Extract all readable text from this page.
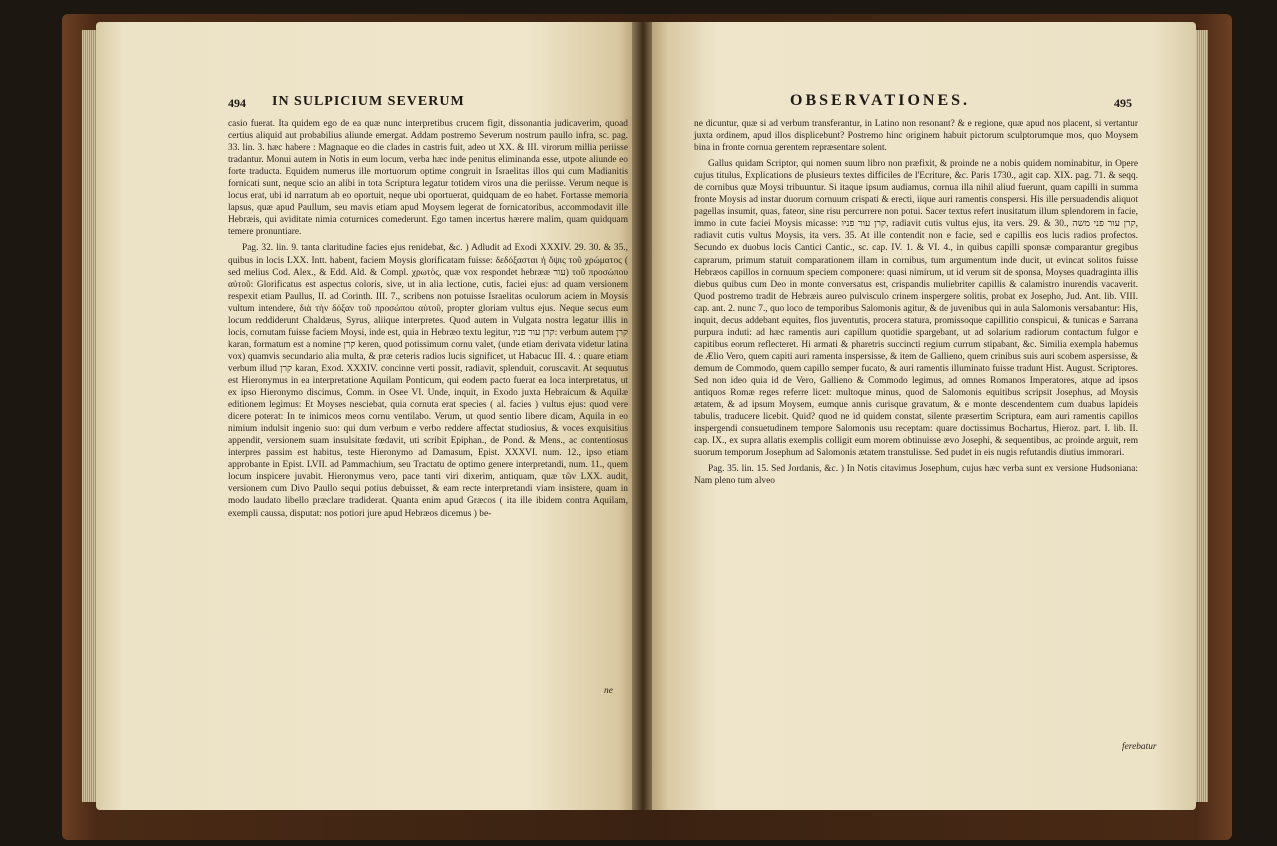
494 IN SULPICIUM SEVERUM

casio fuerat. Ita quidem ego de ea quæ nunc interpretibus crucem figit, dissonantia judicaverim, quoad certius aliquid aut probabilius aliunde emergat. Addam postremo Severum nostrum paullo infra, sc. pag. 33. lin. 3. hæc habere : Magnaque eo die clades in castris fuit, adeo ut XX. & III. virorum millia periisse tradantur. Monui autem in Notis in eum locum, verba hæc inde penitus eliminanda esse, utpote aliunde eo forte traducta. Equidem numerus ille mortuorum optime congruit in Israelitas illos qui cum Madianitis fornicati sunt, neque scio an alibi in tota Scriptura legatur totidem viros una die periisse. Verum neque is locus erat, ubi id narratum ab eo oportuit, neque ubi oportuerat, quidquam de eo habet. Fortasse memoria lapsus, quæ apud Paullum, seu mavis etiam apud Moysem legerat de fornicatoribus, accommodavit ille Hebræis, qui aviditate nimia coturnices comederunt. Ego tamen incertus hærere malim, quam quidquam temere pronuntiare.

Pag. 32. lin. 9. tanta claritudine facies ejus renidebat, &c. ) Adludit ad Exodi XXXIV. 29. 30. & 35., quibus in locis LXX. Intt. habent, faciem Moysis glorificatam fuisse: δεδόξασται ἡ ὄψις τοῦ χρώματος ( sed melius Cod. Alex., & Edd. Ald. & Compl. χρωτὸς, quæ vox respondet hebrææ עור) τοῦ προσώπου αὐτοῦ: Glorificatus est aspectus coloris, sive, ut in alia lectione, cutis, faciei ejus: ad quam versionem respexit etiam Paullus, II. ad Corinth. III. 7., scribens non potuisse Israelitas oculorum aciem in Moysis vultum intendere, διὰ τὴν δόξαν τοῦ προσώπου αὐτοῦ, propter gloriam vultus ejus. Neque secus eum locum reddiderunt Chaldæus, Syrus, aliique interpretes. Quod autem in Vulgata nostra legatur illis in locis, cornutam fuisse faciem Moysi, inde est, quia in Hebræo textu legitur, קרן עור פניו: verbum autem קרן karan, formatum est a nomine קרן keren, quod potissimum cornu valet, (unde etiam derivata videtur latina vox) quamvis secundario alia multa, & præ ceteris radios lucis significet, ut Habacuc III. 4. : quare etiam verbum illud קרן karan, Exod. XXXIV. concinne verti possit, radiavit, splenduit, coruscavit. At sequutus est Hieronymus in ea interpretatione Aquilam Ponticum, qui eodem pacto fuerat ea loca interpretatus, ut ex ipso Hieronymo discimus, Comm. in Osee VI. Unde, inquit, in Exodo juxta Hebraicum & Aquilæ editionem legimus: Et Moyses nesciebat, quia cornuta erat species ( al. facies ) vultus ejus: quod vere dicere poterat: In te inimicos meos cornu ventilabo. Verum, ut quod sentio libere dicam, Aquila in eo nimium indulsit ingenio suo: qui dum verbum e verbo reddere affectat studiosius, & voces exquisitius appendit, versionem suam insulsitate fœdavit, uti scribit Epiphan., de Pond. & Mens., ac contentiosus interpres passim est habitus, teste Hieronymo ad Damasum, Epist. XXXVI. num. 12., ipso etiam approbante in Epist. LVII. ad Pammachium, seu Tractatu de optimo genere interpretandi, num. 11., quem locum inspicere juvabit. Hieronymus vero, pace tanti viri dixerim, antiquam, quæ τῶν LXX. audit, versionem cum Divo Paullo sequi potius debuisset, & eam recte interpretandi viam insistere, quam in modo laudato libello præclare tradiderat. Quanta enim apud Græcos ( ita ille ibidem contra Aquilam, exempli caussa, disputat: nos potiori jure apud Hebræos dicemus ) be-

ne
OBSERVATIONES.	495

ne dicuntur, quæ si ad verbum transferantur, in Latino non resonant? & e regione, quæ apud nos placent, si vertantur juxta ordinem, apud illos displicebunt? Postremo hinc originem habuit pictorum sculptorumque mos, quo Moysem bina in fronte cornua gerentem repræsentare solent.

Gallus quidam Scriptor, qui nomen suum libro non præfixit, & proinde ne a nobis quidem nominabitur, in Opere cujus titulus, Explications de plusieurs textes difficiles de l'Ecriture, &c. Paris 1730., agit cap. XIX. pag. 71. & seqq. de cornibus quæ Moysi tribuuntur. Si itaque ipsum audiamus, cornua illa nihil aliud fuerunt, quam capilli in summa fronte Moysis ad instar duorum cornuum crispati & erecti, iique auri ramentis conspersi. His ille persuadendis aliquot pagellas insumit, quas, fateor, sine risu percurrere non potui. Sacer textus refert inusitatum illum splendorem in facie, immo in cute faciei Moysis micasse: קרן עור פניו, radiavit cutis vultus ejus, ita vers. 29. & 30., קרן עור פני משה, radiavit cutis vultus Moysis, ita vers. 35. At ille contendit non e facie, sed e capillis eos lucis radios profectos. Secundo ex duobus locis Cantici Cantic., sc. cap. IV. 1. & VI. 4., in quibus capilli sponsæ comparantur gregibus caprarum, primum statuit comparationem illam in cornibus, tum argumentum inde ducit, ut evincat solitos fuisse Hebræos capillos in cornuum speciem componere: quasi nimirum, ut id verum sit de sponsa, Moyses quadraginta illis diebus quibus cum Deo in monte conversatus est, crispandis muliebriter capillis & calamistro inurendis vacaverit. Quod postremo tradit de Hebræis aureo pulvisculo crinem inspergere solitis, probat ex Josepho, Jud. Ant. lib. VIII. cap. ant. 2. nunc 7., quo loco de temporibus Salomonis agitur, & de juvenibus qui in aula Salomonis versabantur: His, inquit, decus addebant equites, flos juventutis, procera statura, promissoque capillitio conspicui, & tunicas e Sarrana purpura induti: ad hæc ramentis auri capillum quotidie spargebant, ut ad solarium radiorum contactum fulgor e capitibus eorum reflecteret. Hi armati & pharetris succincti regium currum stipabant, &c. Similia exempla habemus de Ælio Vero, quem capiti auri ramenta inspersisse, & item de Gallieno, quem crinibus suis auri scobem aspersisse, & demum de Commodo, quem capillo semper fucato, & auri ramentis illuminato fuisse tradunt Hist. August. Scriptores. Sed non ideo quia id de Vero, Gallieno & Commodo legimus, ad omnes Romanos Imperatores, atque ad ipsos antiquos Romæ reges referre licet: multoque minus, quod de Salomonis equitibus scripsit Josephus, ad Moysis ætatem, & ad ipsum Moysem, eumque annis curisque gravatum, & e monte descendentem cum duabus lapideis tabulis, traducere licebit. Quid? quod ne id quidem constat, silente præsertim Scriptura, eam auri ramentis capillos inspergendi consuetudinem tempore Salomonis usu receptam: quare doctissimus Bochartus, Hieroz. part. I. lib. II. cap. IX., ex supra allatis exemplis colligit eum morem obtinuisse ævo Josephi, & sequentibus, ac proinde arguit, rem suorum temporum Josephum ad Salomonis ætatem transtulisse. Sed pudet in eis nugis refutandis diutius immorari.

Pag. 35. lin. 15. Sed Jordanis, &c. ) In Notis citavimus Josephum, cujus hæc verba sunt ex versione Hudsoniana: Nam pleno tum alveo

ferebatur
